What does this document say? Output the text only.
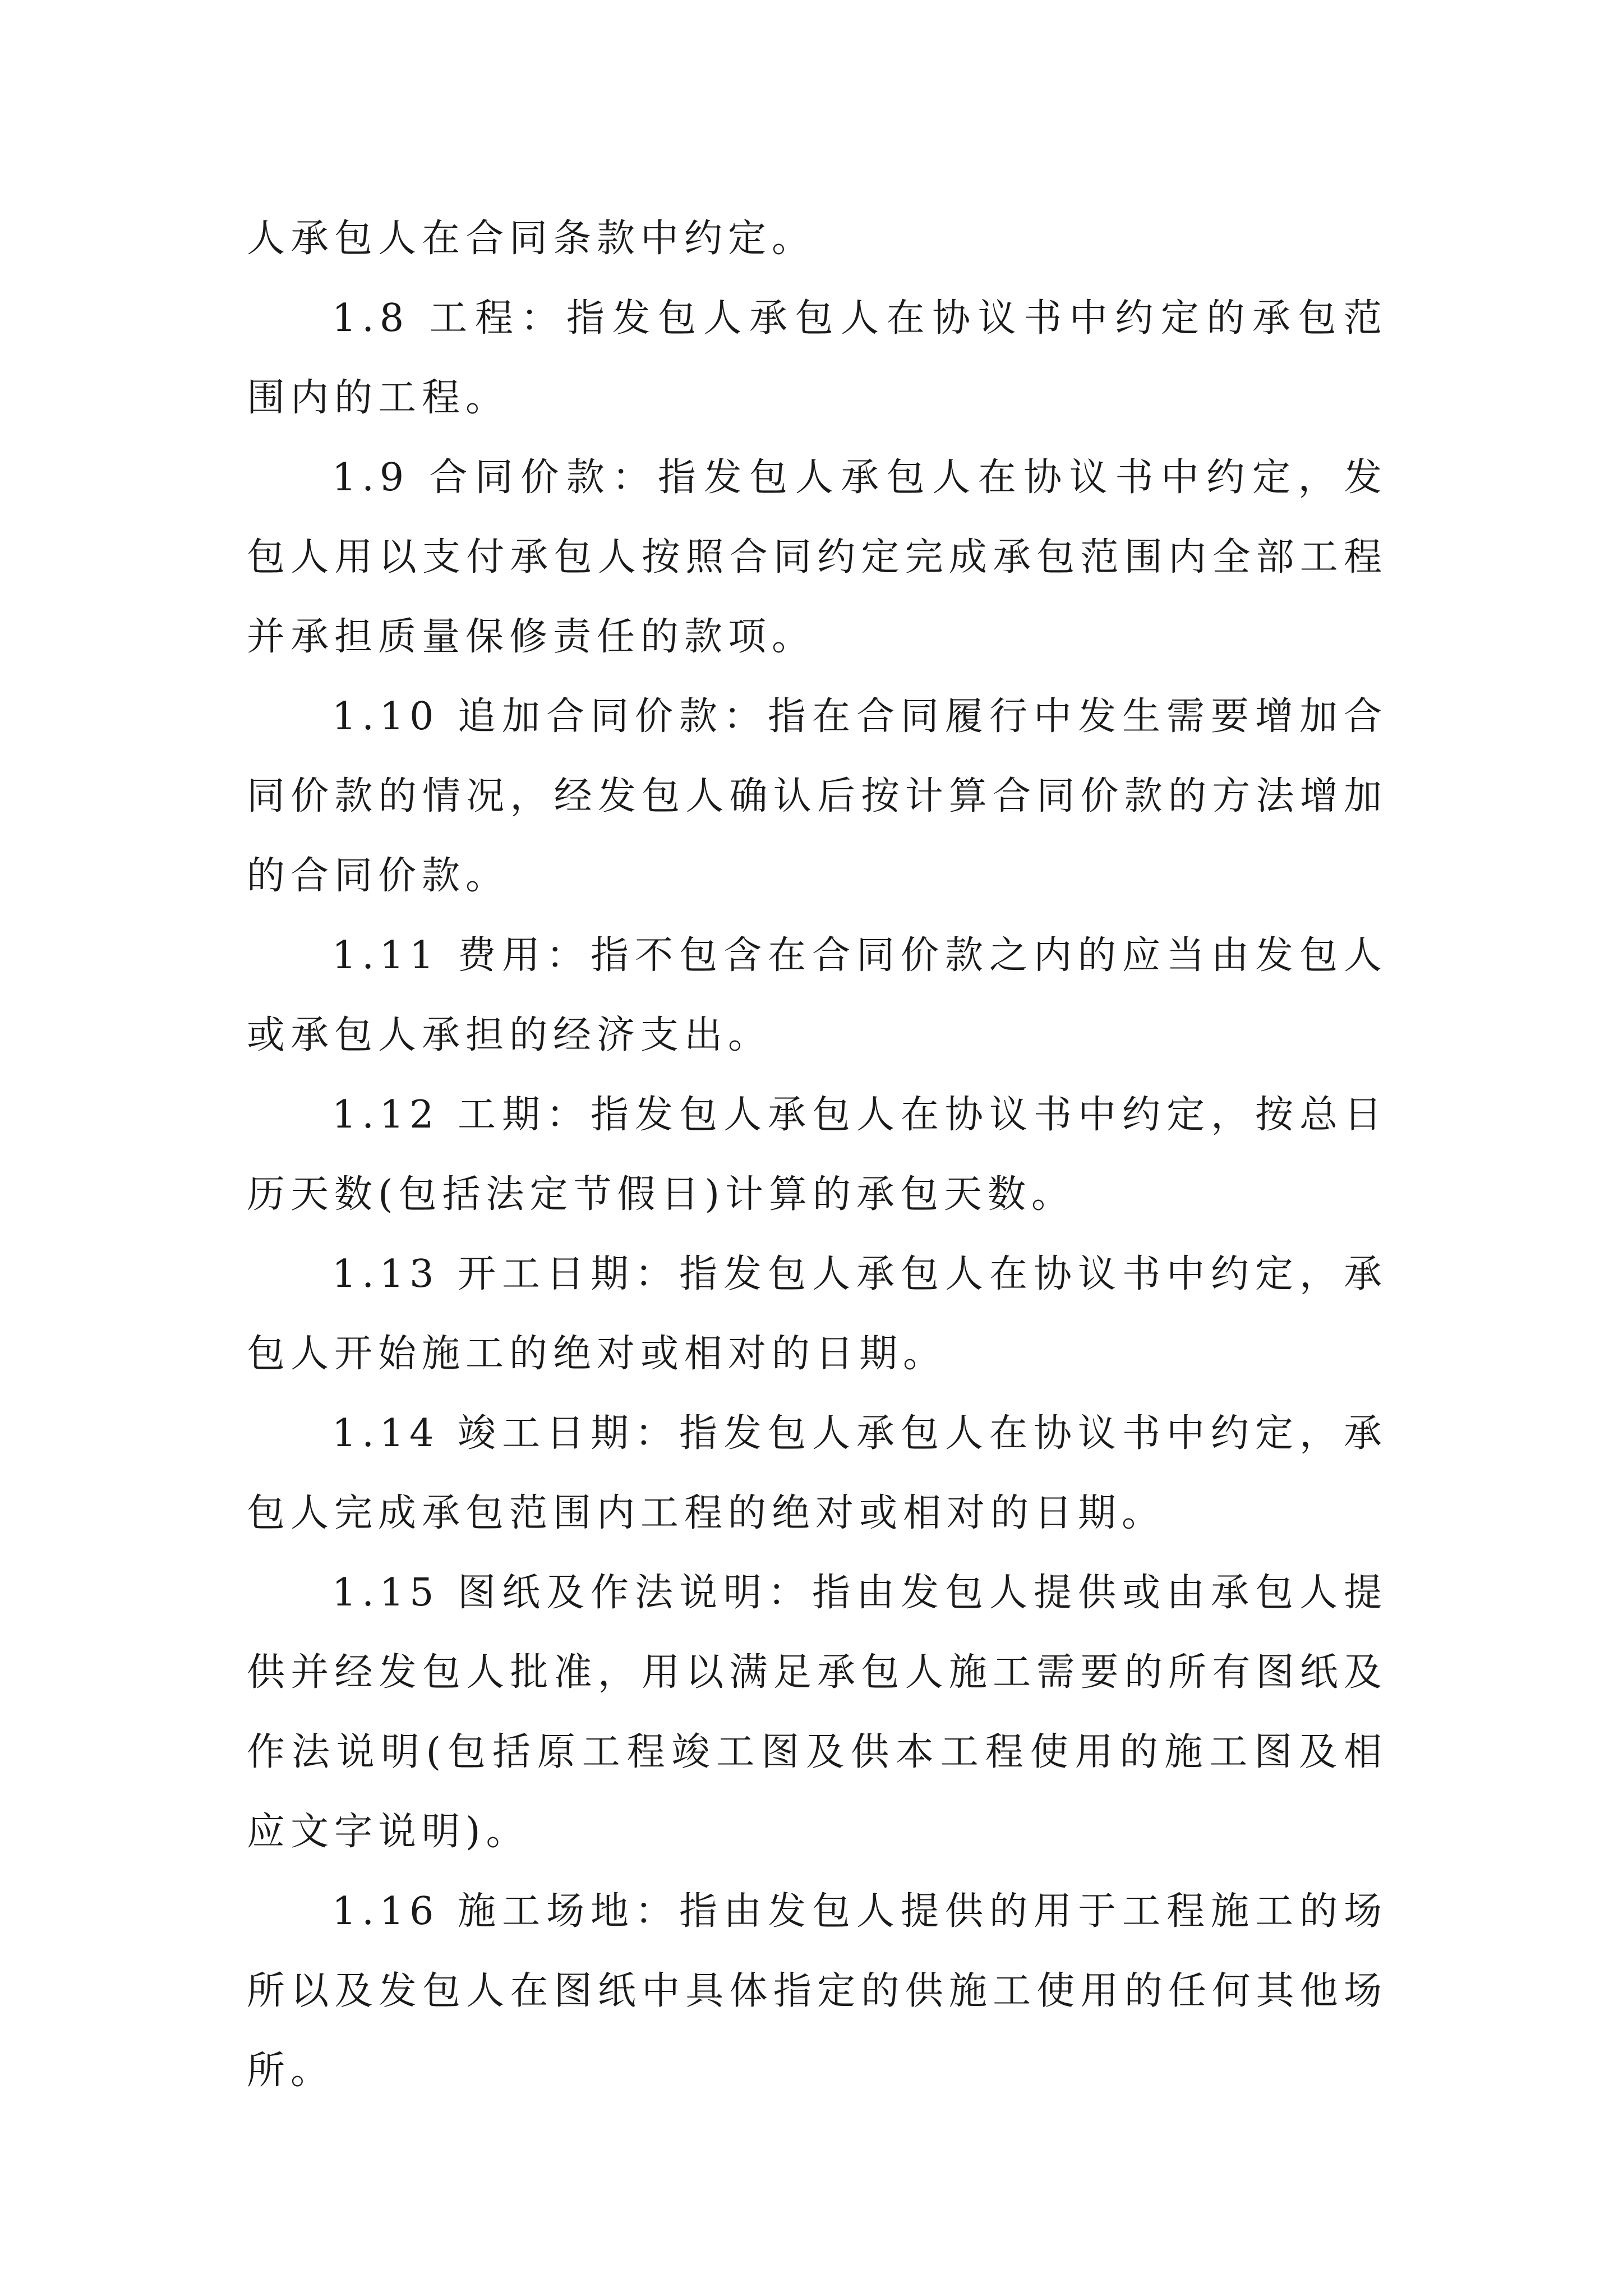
人承包人在合同条款中约定。

1.8 工程：指发包人承包人在协议书中约定的承包范围内的工程。

1.9 合同价款：指发包人承包人在协议书中约定，发包人用以支付承包人按照合同约定完成承包范围内全部工程并承担质量保修责任的款项。

1.10 追加合同价款：指在合同履行中发生需要增加合同价款的情况，经发包人确认后按计算合同价款的方法增加的合同价款。

1.11 费用：指不包含在合同价款之内的应当由发包人或承包人承担的经济支出。

1.12 工期：指发包人承包人在协议书中约定，按总日历天数(包括法定节假日)计算的承包天数。

1.13 开工日期：指发包人承包人在协议书中约定，承包人开始施工的绝对或相对的日期。

1.14 竣工日期：指发包人承包人在协议书中约定，承包人完成承包范围内工程的绝对或相对的日期。

1.15 图纸及作法说明：指由发包人提供或由承包人提供并经发包人批准，用以满足承包人施工需要的所有图纸及作法说明(包括原工程竣工图及供本工程使用的施工图及相应文字说明)。

1.16 施工场地：指由发包人提供的用于工程施工的场所以及发包人在图纸中具体指定的供施工使用的任何其他场所。
